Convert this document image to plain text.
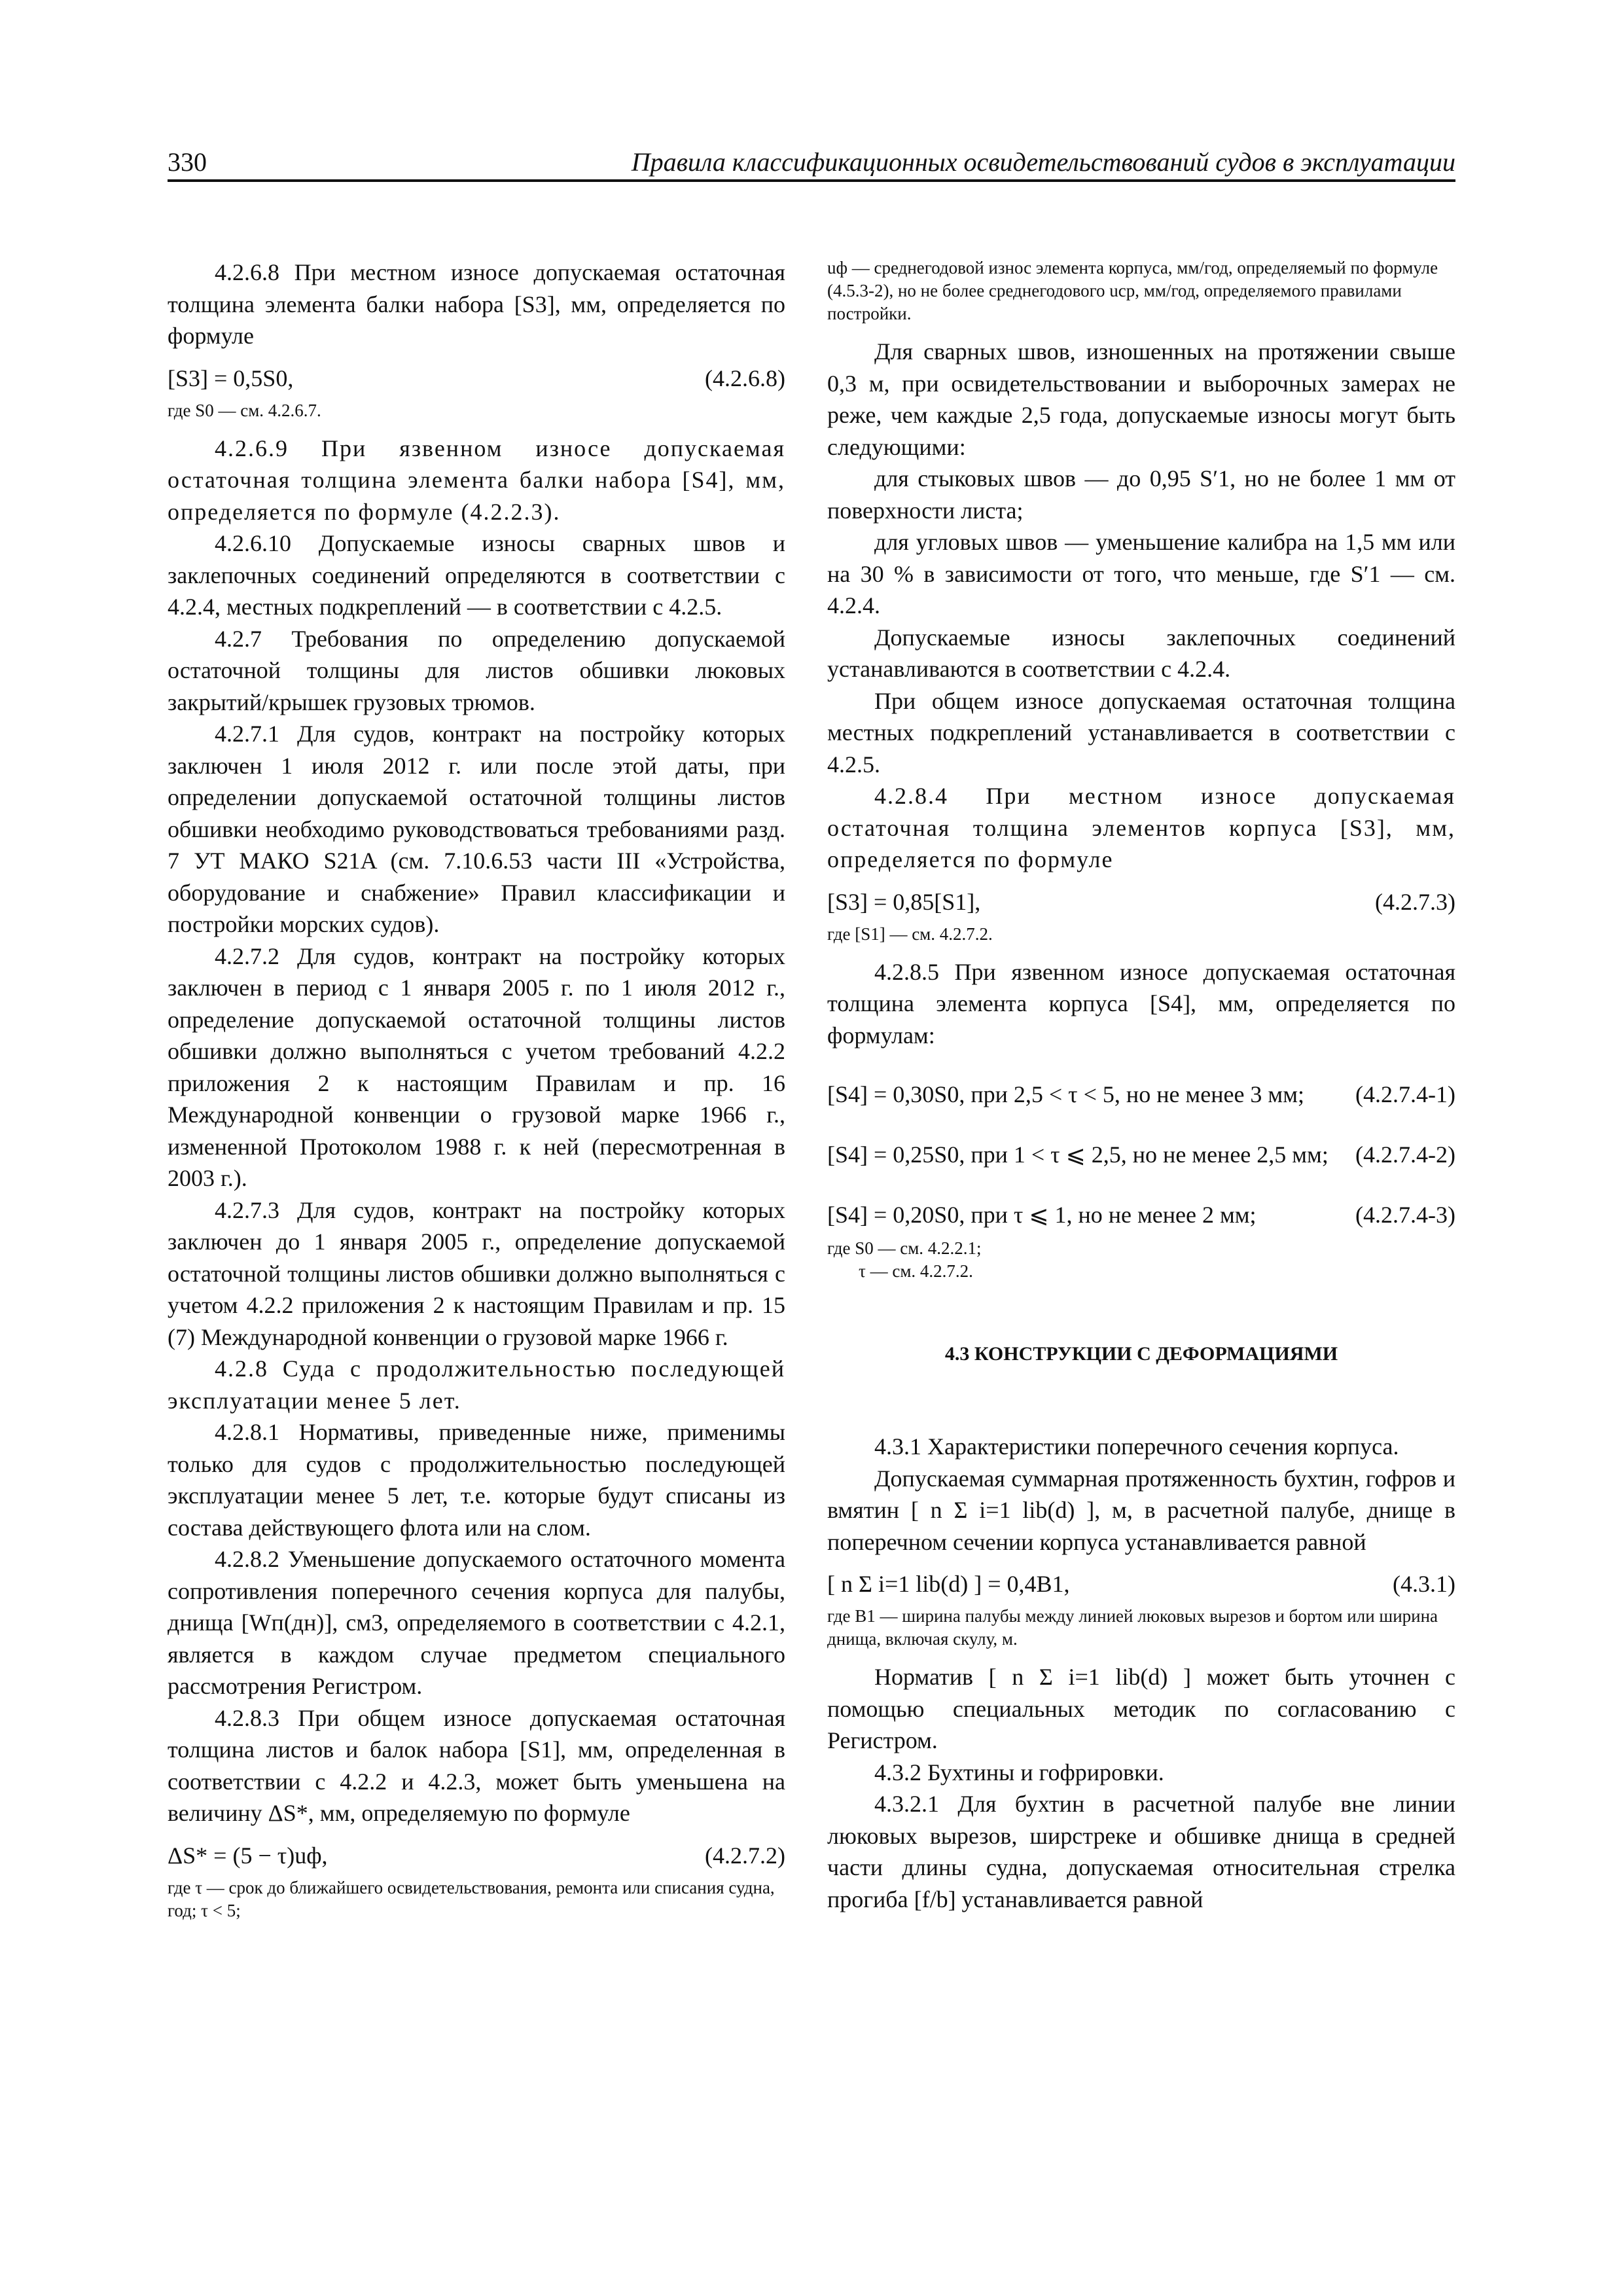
330	Правила классификационных освидетельствований судов в эксплуатации

4.2.6.8 При местном износе допускаемая остаточная толщина элемента балки набора [S3], мм, определяется по формуле

[S3] = 0,5S0,	(4.2.6.8)
где S0 — см. 4.2.6.7.

4.2.6.9 При язвенном износе допускаемая остаточная толщина элемента балки набора [S4], мм, определяется по формуле (4.2.2.3).

4.2.6.10 Допускаемые износы сварных швов и заклепочных соединений определяются в соответствии с 4.2.4, местных подкреплений — в соответствии с 4.2.5.

4.2.7 Требования по определению допускаемой остаточной толщины для листов обшивки люковых закрытий/крышек грузовых трюмов.

4.2.7.1 Для судов, контракт на постройку которых заключен 1 июля 2012 г. или после этой даты, при определении допускаемой остаточной толщины листов обшивки необходимо руководствоваться требованиями разд. 7 УТ МАКО S21A (см. 7.10.6.53 части III «Устройства, оборудование и снабжение» Правил классификации и постройки морских судов).

4.2.7.2 Для судов, контракт на постройку которых заключен в период с 1 января 2005 г. по 1 июля 2012 г., определение допускаемой остаточной толщины листов обшивки должно выполняться с учетом требований 4.2.2 приложения 2 к настоящим Правилам и пр. 16 Международной конвенции о грузовой марке 1966 г., измененной Протоколом 1988 г. к ней (пересмотренная в 2003 г.).

4.2.7.3 Для судов, контракт на постройку которых заключен до 1 января 2005 г., определение допускаемой остаточной толщины листов обшивки должно выполняться с учетом 4.2.2 приложения 2 к настоящим Правилам и пр. 15 (7) Международной конвенции о грузовой марке 1966 г.

4.2.8 Суда с продолжительностью последующей эксплуатации менее 5 лет.

4.2.8.1 Нормативы, приведенные ниже, применимы только для судов с продолжительностью последующей эксплуатации менее 5 лет, т.е. которые будут списаны из состава действующего флота или на слом.

4.2.8.2 Уменьшение допускаемого остаточного момента сопротивления поперечного сечения корпуса для палубы, днища [Wп(дн)], см3, определяемого в соответствии с 4.2.1, является в каждом случае предметом специального рассмотрения Регистром.

4.2.8.3 При общем износе допускаемая остаточная толщина листов и балок набора [S1], мм, определенная в соответствии с 4.2.2 и 4.2.3, может быть уменьшена на величину ΔS*, мм, определяемую по формуле

ΔS* = (5 − τ)uф,	(4.2.7.2)
где τ — срок до ближайшего освидетельствования, ремонта или списания судна, год; τ < 5;
uф — среднегодовой износ элемента корпуса, мм/год, определяемый по формуле (4.5.3-2), но не более среднегодового uср, мм/год, определяемого правилами постройки.

Для сварных швов, изношенных на протяжении свыше 0,3 м, при освидетельствовании и выборочных замерах не реже, чем каждые 2,5 года, допускаемые износы могут быть следующими:

для стыковых швов — до 0,95 S′1, но не более 1 мм от поверхности листа;

для угловых швов — уменьшение калибра на 1,5 мм или на 30 % в зависимости от того, что меньше, где S′1 — см. 4.2.4.

Допускаемые износы заклепочных соединений устанавливаются в соответствии с 4.2.4.

При общем износе допускаемая остаточная толщина местных подкреплений устанавливается в соответствии с 4.2.5.

4.2.8.4 При местном износе допускаемая остаточная толщина элементов корпуса [S3], мм, определяется по формуле

[S3] = 0,85[S1],	(4.2.7.3)
где [S1] — см. 4.2.7.2.

4.2.8.5 При язвенном износе допускаемая остаточная толщина элемента корпуса [S4], мм, определяется по формулам:

[S4] = 0,30S0, при 2,5 < τ < 5, но не менее 3 мм; (4.2.7.4-1)
[S4] = 0,25S0, при 1 < τ ⩽ 2,5, но не менее 2,5 мм; (4.2.7.4-2)
[S4] = 0,20S0, при τ ⩽ 1, но не менее 2 мм;	(4.2.7.4-3)
где S0 — см. 4.2.2.1;
τ — см. 4.2.7.2.
4.3 КОНСТРУКЦИИ С ДЕФОРМАЦИЯМИ

4.3.1 Характеристики поперечного сечения корпуса.

Допускаемая суммарная протяженность бухтин, гофров и вмятин [ n Σ i=1 lib(d) ], м, в расчетной палубе, днище в поперечном сечении корпуса устанавливается равной

[ n Σ i=1 lib(d) ] = 0,4B1,	(4.3.1)
где B1 — ширина палубы между линией люковых вырезов и бортом или ширина днища, включая скулу, м.

Норматив [ n Σ i=1 lib(d) ] может быть уточнен с помощью специальных методик по согласованию с Регистром.

4.3.2 Бухтины и гофрировки.

4.3.2.1 Для бухтин в расчетной палубе вне линии люковых вырезов, ширстреке и обшивке днища в средней части длины судна, допускаемая относительная стрелка прогиба [f/b] устанавливается равной
